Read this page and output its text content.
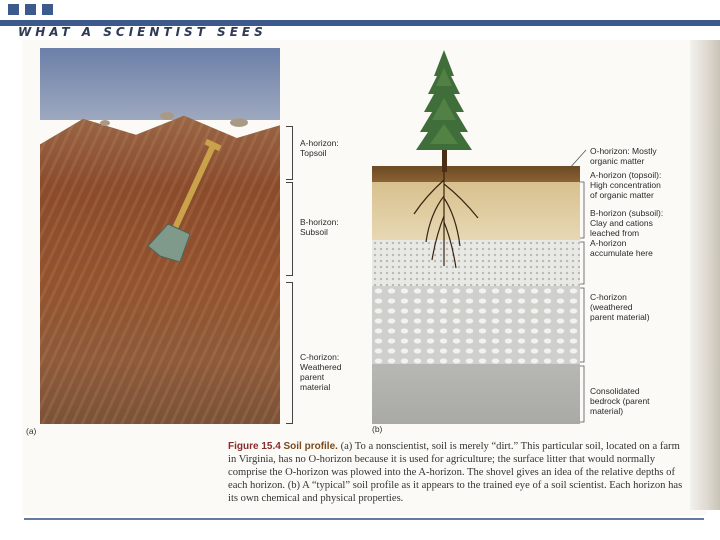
WHAT A SCIENTIST SEES
A-horizon:
Topsoil
B-horizon:
Subsoil
C-horizon:
Weathered
parent
material
(a)
O-horizon: Mostly
organic matter
A-horizon (topsoil):
High concentration
of organic matter
B-horizon (subsoil):
Clay and cations
leached from
A-horizon
accumulate here
C-horizon
(weathered
parent material)
Consolidated
bedrock (parent
material)
(b)
Figure 15.4 Soil profile. (a) To a nonscientist, soil is merely “dirt.” This particular soil, located on a farm in Virginia, has no O-horizon because it is used for agriculture; the surface litter that would normally comprise the O-horizon was plowed into the A-horizon. The shovel gives an idea of the relative depths of each horizon. (b) A “typical” soil profile as it appears to the trained eye of a soil scientist. Each horizon has its own chemical and physical properties.
